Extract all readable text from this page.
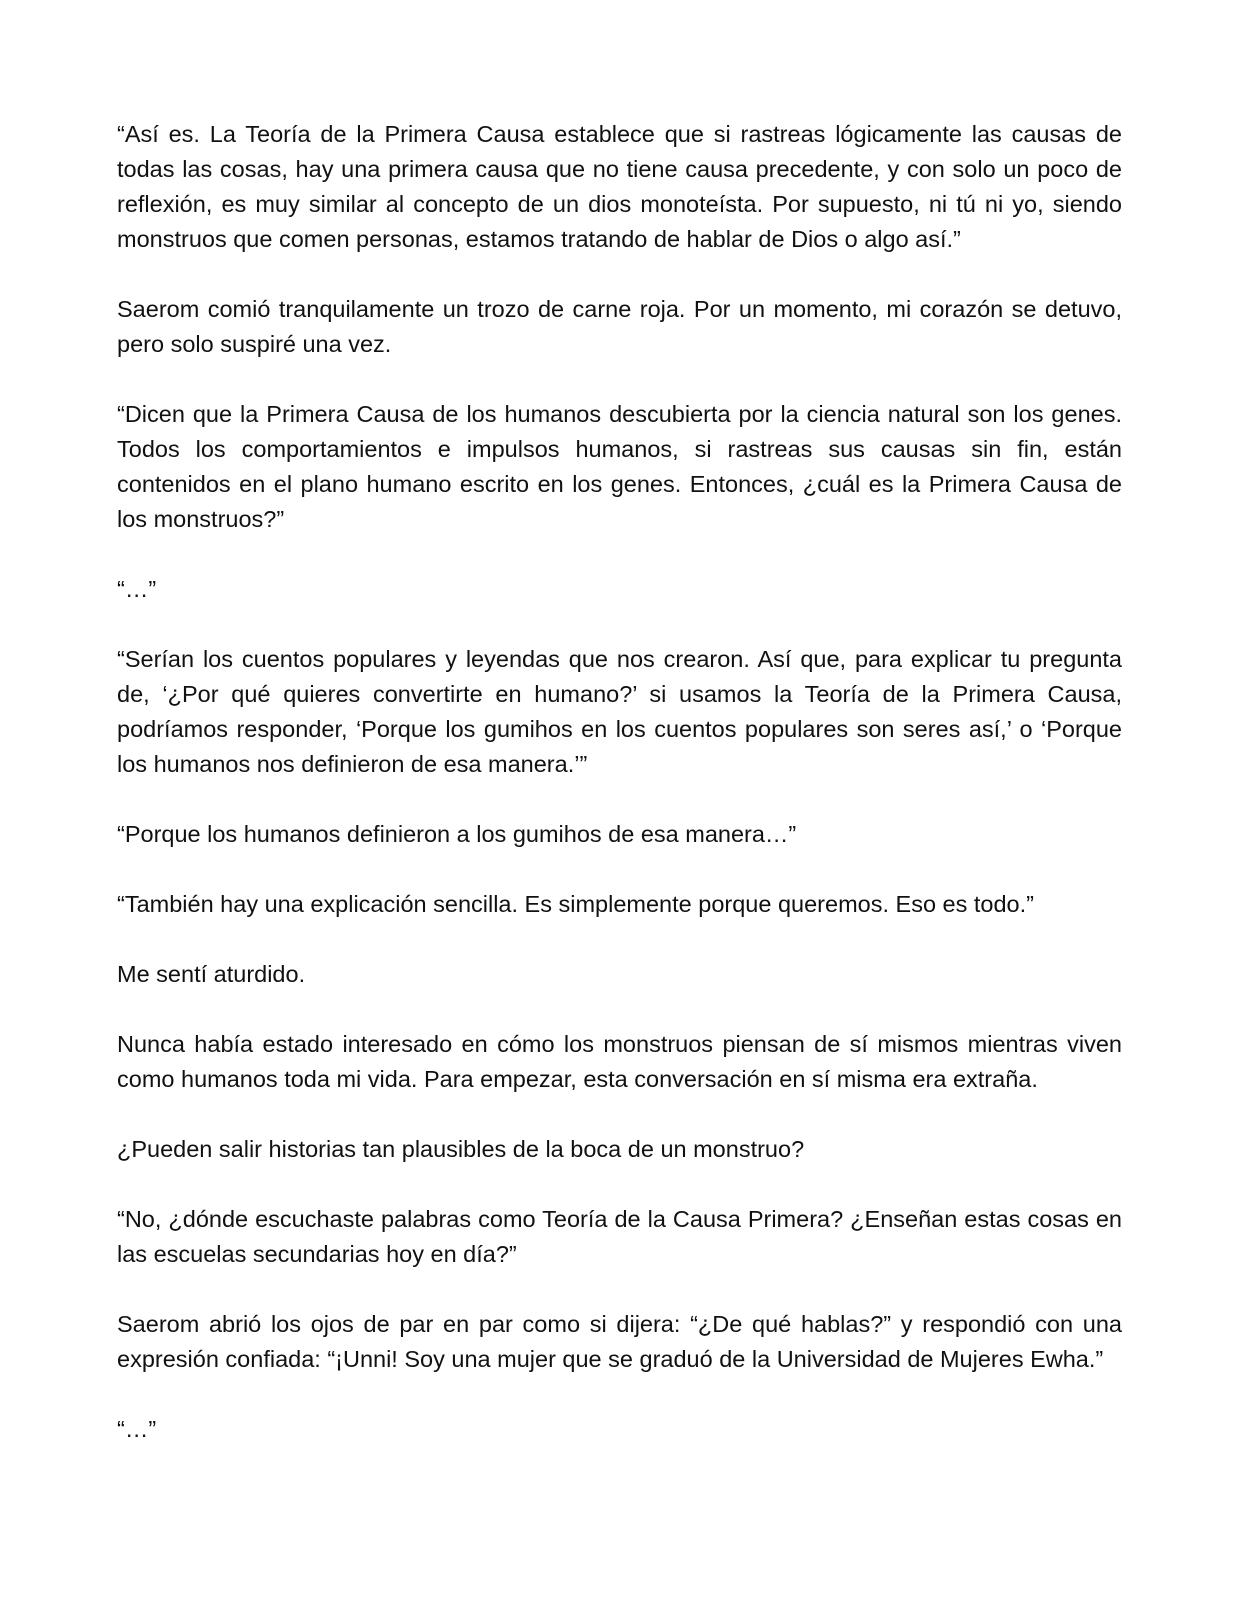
“Así es. La Teoría de la Primera Causa establece que si rastreas lógicamente las causas de todas las cosas, hay una primera causa que no tiene causa precedente, y con solo un poco de reflexión, es muy similar al concepto de un dios monoteísta. Por supuesto, ni tú ni yo, siendo monstruos que comen personas, estamos tratando de hablar de Dios o algo así.”

Saerom comió tranquilamente un trozo de carne roja. Por un momento, mi corazón se detuvo, pero solo suspiré una vez.

“Dicen que la Primera Causa de los humanos descubierta por la ciencia natural son los genes. Todos los comportamientos e impulsos humanos, si rastreas sus causas sin fin, están contenidos en el plano humano escrito en los genes. Entonces, ¿cuál es la Primera Causa de los monstruos?”

“…”

“Serían los cuentos populares y leyendas que nos crearon. Así que, para explicar tu pregunta de, ‘¿Por qué quieres convertirte en humano?’ si usamos la Teoría de la Primera Causa, podríamos responder, ‘Porque los gumihos en los cuentos populares son seres así,’ o ‘Porque los humanos nos definieron de esa manera.’”

“Porque los humanos definieron a los gumihos de esa manera…”

“También hay una explicación sencilla. Es simplemente porque queremos. Eso es todo.”

Me sentí aturdido.

Nunca había estado interesado en cómo los monstruos piensan de sí mismos mientras viven como humanos toda mi vida. Para empezar, esta conversación en sí misma era extraña.

¿Pueden salir historias tan plausibles de la boca de un monstruo?

“No, ¿dónde escuchaste palabras como Teoría de la Causa Primera? ¿Enseñan estas cosas en las escuelas secundarias hoy en día?”

Saerom abrió los ojos de par en par como si dijera: “¿De qué hablas?” y respondió con una expresión confiada: “¡Unni! Soy una mujer que se graduó de la Universidad de Mujeres Ewha.”

“…”
